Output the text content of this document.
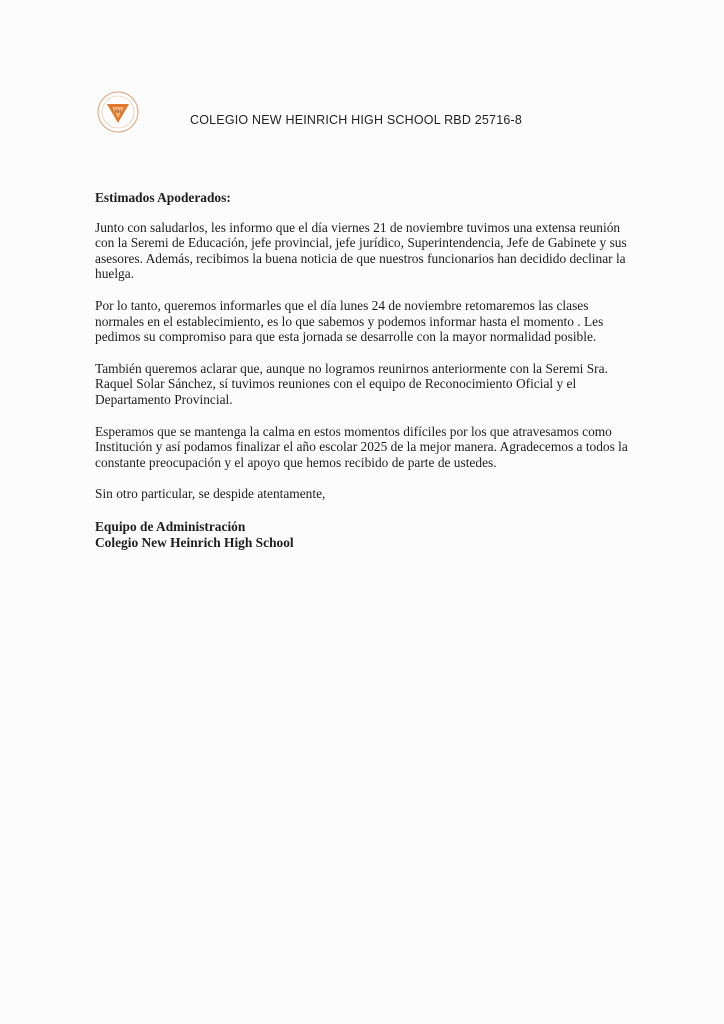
NH
COLEGIO NEW HEINRICH HIGH SCHOOL RBD 25716-8

Estimados Apoderados:

Junto con saludarlos, les informo que el día viernes 21 de noviembre tuvimos una extensa reunión con la Seremi de Educación, jefe provincial, jefe jurídico, Superintendencia, Jefe de Gabinete y sus asesores. Además, recibimos la buena noticia de que nuestros funcionarios han decidido declinar la huelga.

Por lo tanto, queremos informarles que el día lunes 24 de noviembre retomaremos las clases normales en el establecimiento, es lo que sabemos y podemos informar hasta el momento . Les pedimos su compromiso para que esta jornada se desarrolle con la mayor normalidad posible.

También queremos aclarar que, aunque no logramos reunirnos anteriormente con la Seremi Sra. Raquel Solar Sánchez, sí tuvimos reuniones con el equipo de Reconocimiento Oficial y el Departamento Provincial.

Esperamos que se mantenga la calma en estos momentos difíciles por los que atravesamos como Institución y así podamos finalizar el año escolar 2025 de la mejor manera. Agradecemos a todos la constante preocupación y el apoyo que hemos recibido de parte de ustedes.

Sin otro particular, se despide atentamente,

Equipo de Administración

Colegio New Heinrich High School
